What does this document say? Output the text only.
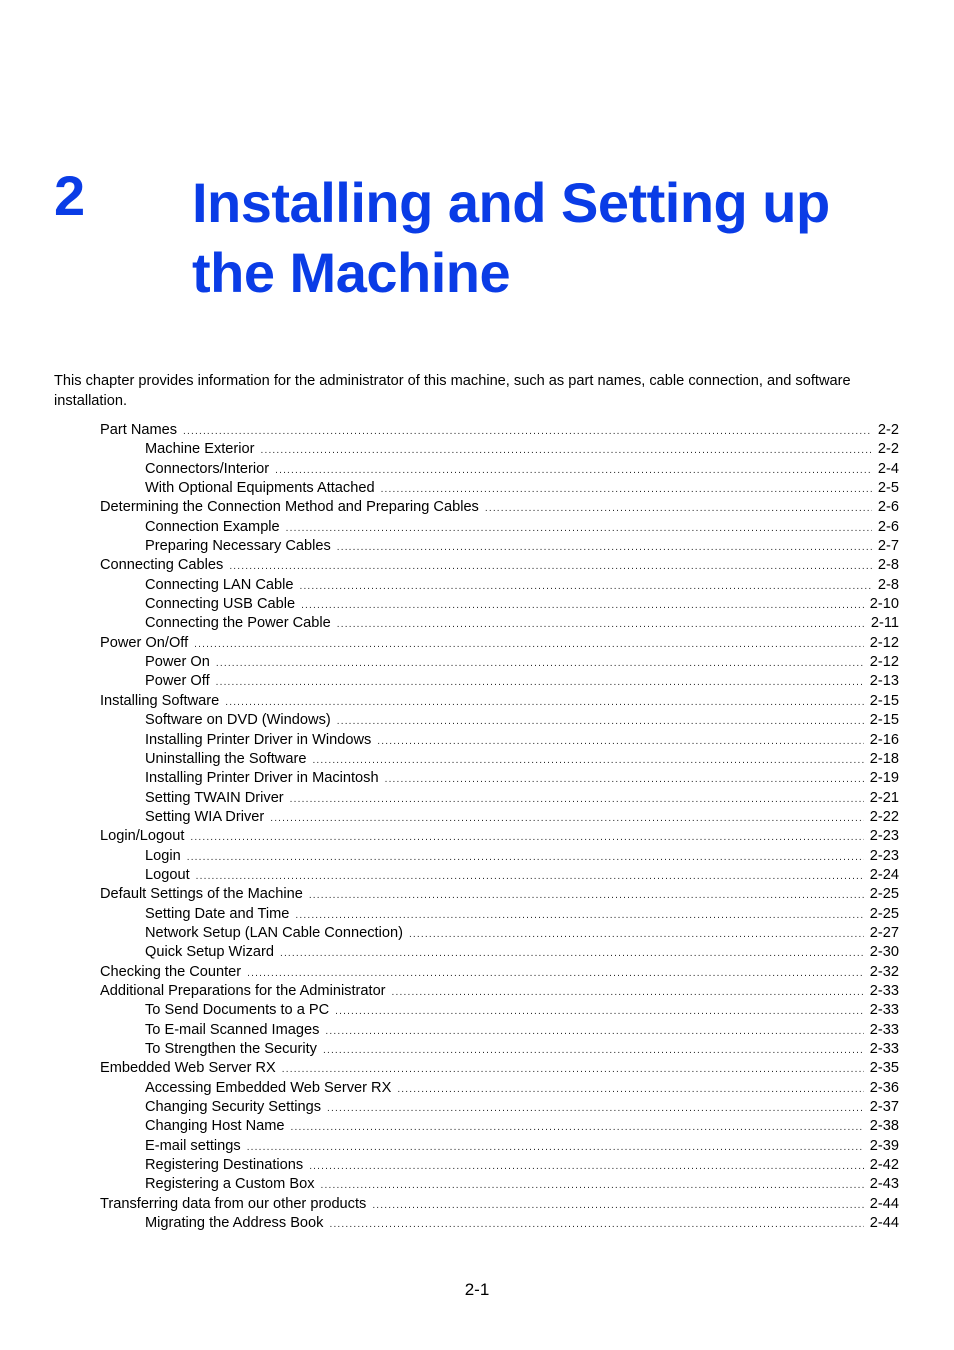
2 Installing and Setting up the Machine

This chapter provides information for the administrator of this machine, such as part names, cable connection, and software installation.

Part Names .....	2-2
Machine Exterior .....	2-2
Connectors/Interior .....	2-4
With Optional Equipments Attached .....	2-5
Determining the Connection Method and Preparing Cables .....	2-6
Connection Example .....	2-6
Preparing Necessary Cables .....	2-7
Connecting Cables .....	2-8
Connecting LAN Cable .....	2-8
Connecting USB Cable .....	2-10
Connecting the Power Cable .....	2-11
Power On/Off .....	2-12
Power On .....	2-12
Power Off .....	2-13
Installing Software .....	2-15
Software on DVD (Windows) .....	2-15
Installing Printer Driver in Windows .....	2-16
Uninstalling the Software .....	2-18
Installing Printer Driver in Macintosh .....	2-19
Setting TWAIN Driver .....	2-21
Setting WIA Driver .....	2-22
Login/Logout .....	2-23
Login .....	2-23
Logout .....	2-24
Default Settings of the Machine .....	2-25
Setting Date and Time .....	2-25
Network Setup (LAN Cable Connection) .....	2-27
Quick Setup Wizard .....	2-30
Checking the Counter .....	2-32
Additional Preparations for the Administrator .....	2-33
To Send Documents to a PC .....	2-33
To E-mail Scanned Images .....	2-33
To Strengthen the Security .....	2-33
Embedded Web Server RX .....	2-35
Accessing Embedded Web Server RX .....	2-36
Changing Security Settings .....	2-37
Changing Host Name .....	2-38
E-mail settings .....	2-39
Registering Destinations .....	2-42
Registering a Custom Box .....	2-43
Transferring data from our other products .....	2-44
Migrating the Address Book .....	2-44
2-1
